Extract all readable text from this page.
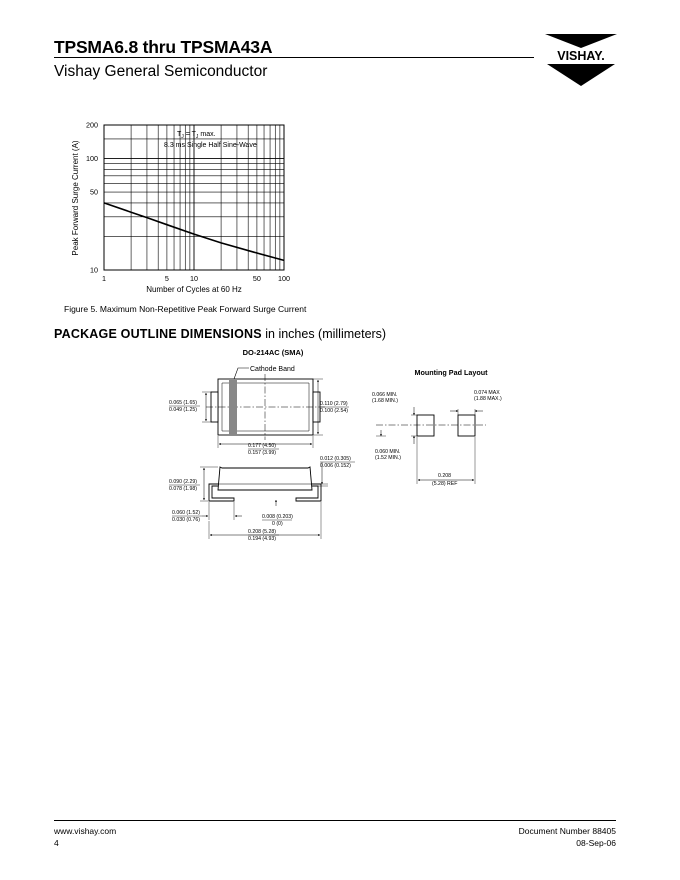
TPSMA6.8 thru TPSMA43A
Vishay General Semiconductor
VISHAY.
1	5	10	50 100
10
50
100
200
$T_J = T_J$ max.
8.3 ms Single Half Sine-Wave
Number of Cycles at 60 Hz
Peak Forward Surge Current (A)
Figure 5. Maximum Non-Repetitive Peak Forward Surge Current
PACKAGE OUTLINE DIMENSIONS in inches (millimeters)
DO-214AC (SMA)
Cathode Band
0.065 (1.65)
0.049 (1.25)
0.110 (2.79)
0.100 (2.54)
0.177 (4.50)
0.157 (3.99)
0.012 (0.305)
0.006 (0.152)
0.090 (2.29)
0.078 (1.98)
0.060 (1.52)
0.030 (0.76)	0.008 (0.203)
0 (0)
0.208 (5.28)
0.194 (4.93)
Mounting Pad Layout
0.066 MIN.
(1.68 MIN.)
0.074 MAX
(1.88 MAX.)
0.060 MIN.
(1.52 MIN.)
0.208
(5.28) REF
www.vishay.com
4
Document Number 88405
08-Sep-06
